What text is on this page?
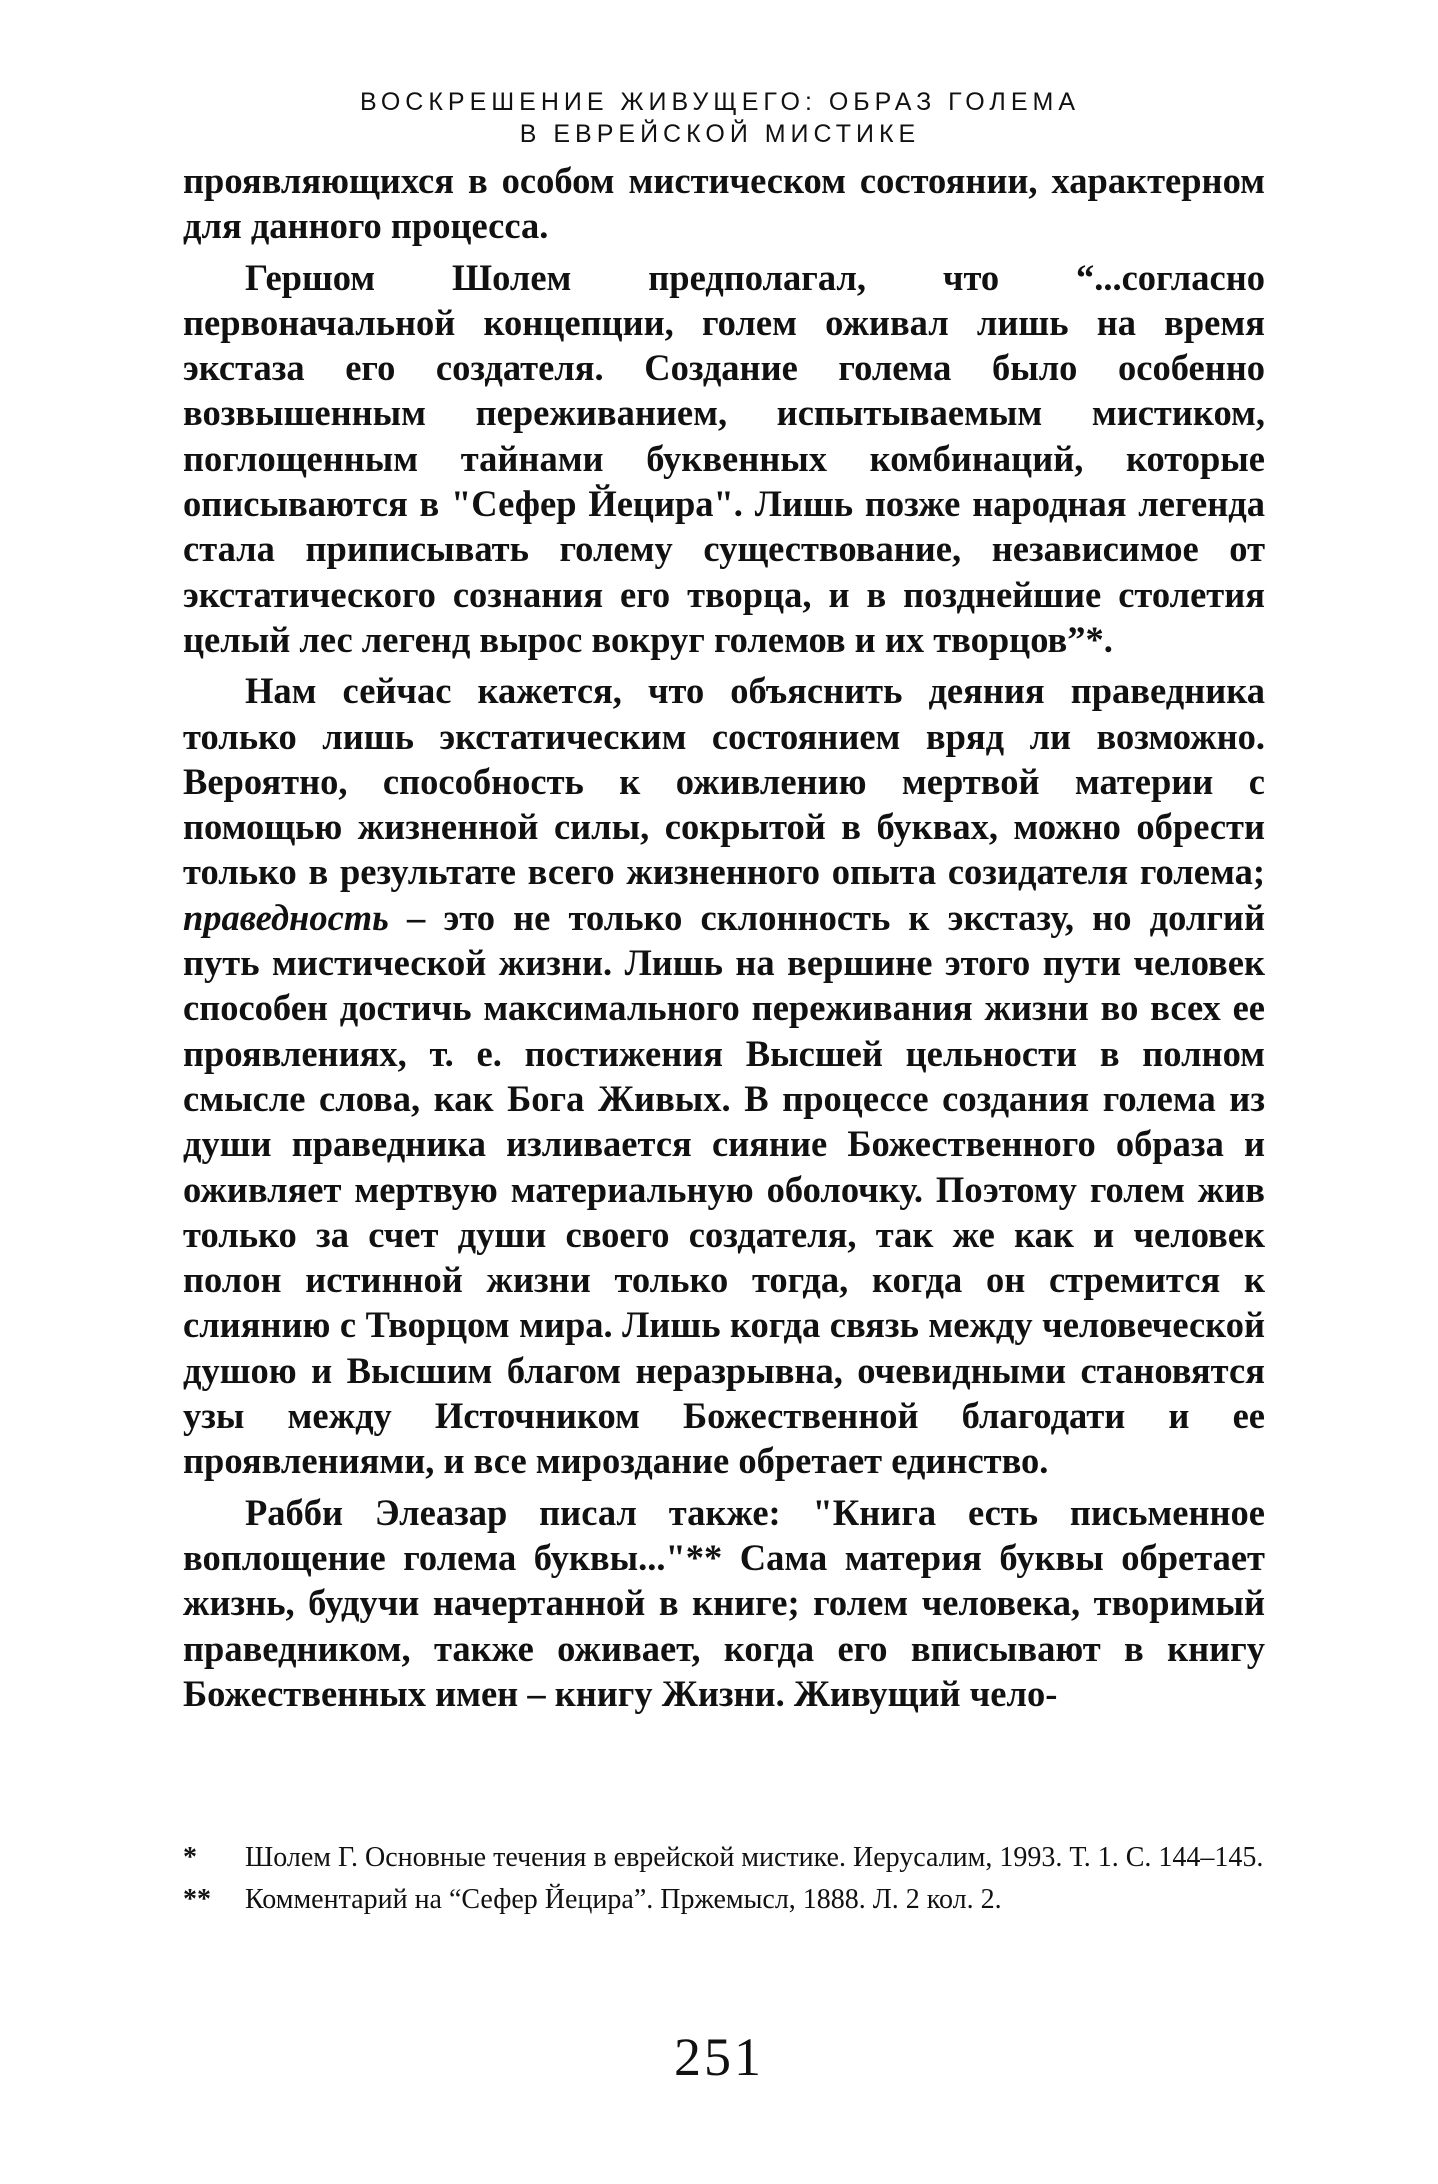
ВОСКРЕШЕНИЕ ЖИВУЩЕГО: ОБРАЗ ГОЛЕМА
В ЕВРЕЙСКОЙ МИСТИКЕ

проявляющихся в особом мистическом состоянии, характерном для данного процесса.

Гершом Шолем предполагал, что “...согласно первоначальной концепции, голем оживал лишь на время экстаза его создателя. Создание голема было особенно возвышенным переживанием, испытываемым мистиком, поглощенным тайнами буквенных комбинаций, которые описываются в "Сефер Йецира". Лишь позже народная легенда стала приписывать голему существование, независимое от экстатического сознания его творца, и в позднейшие столетия целый лес легенд вырос вокруг големов и их творцов”*.

Нам сейчас кажется, что объяснить деяния праведника только лишь экстатическим состоянием вряд ли возможно. Вероятно, способность к оживлению мертвой материи с помощью жизненной силы, сокрытой в буквах, можно обрести только в результате всего жизненного опыта созидателя голема; праведность – это не только склонность к экстазу, но долгий путь мистической жизни. Лишь на вершине этого пути человек способен достичь максимального переживания жизни во всех ее проявлениях, т. е. постижения Высшей цельности в полном смысле слова, как Бога Живых. В процессе создания голема из души праведника изливается сияние Божественного образа и оживляет мертвую материальную оболочку. Поэтому голем жив только за счет души своего создателя, так же как и человек полон истинной жизни только тогда, когда он стремится к слиянию с Творцом мира. Лишь когда связь между человеческой душою и Высшим благом неразрывна, очевидными становятся узы между Источником Божественной благодати и ее проявлениями, и все мироздание обретает единство.

Рабби Элеазар писал также: "Книга есть письменное воплощение голема буквы..."** Сама материя буквы обретает жизнь, будучи начертанной в книге; голем человека, творимый праведником, также оживает, когда его вписывают в книгу Божественных имен – книгу Жизни. Живущий чело-

* Шолем Г. Основные течения в еврейской мистике. Иерусалим, 1993. Т. 1. С. 144–145.

** Комментарий на “Сефер Йецира”. Пржемысл, 1888. Л. 2 кол. 2.

251
